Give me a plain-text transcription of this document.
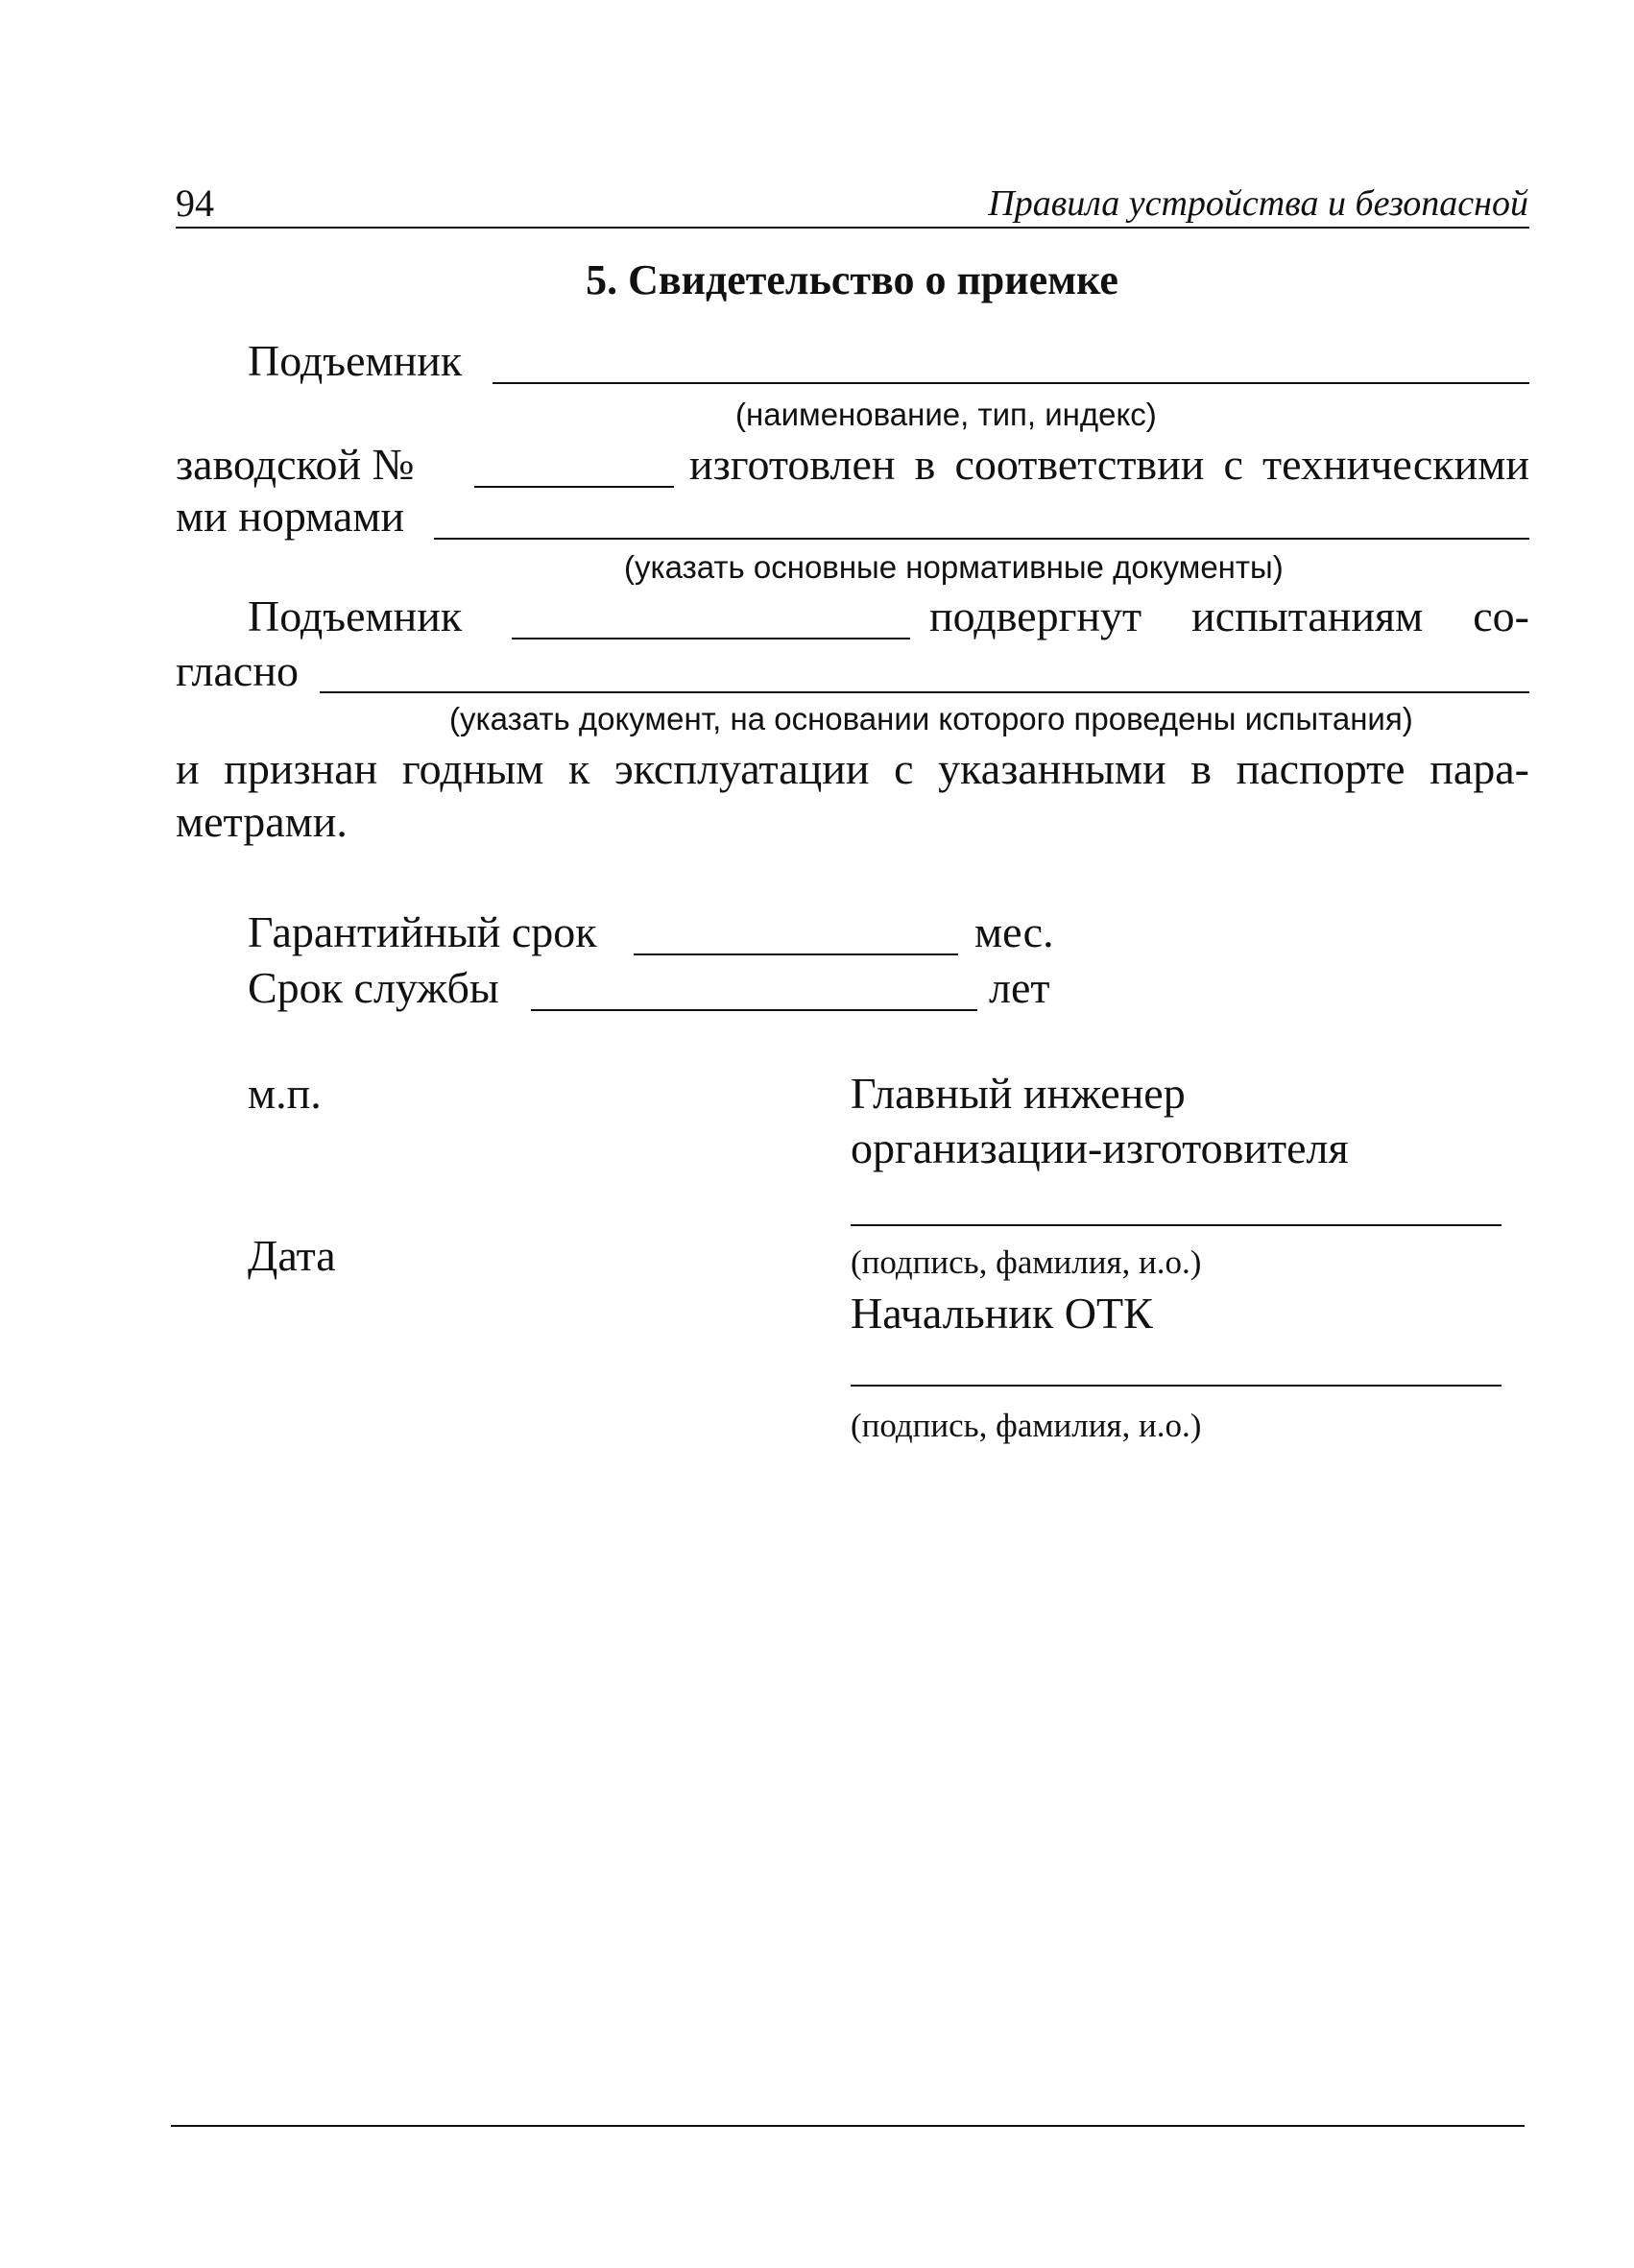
94	Правила устройства и безопасной
5. Свидетельство о приемке
Подъемник
(наименование, тип, индекс)
заводской №	изготовлен в соответствии с техническими
ми нормами
(указать основные нормативные документы)
Подъемник	подвергнут испытаниям со-
гласно
(указать документ, на основании которого проведены испытания)
и признан годным к эксплуатации с указанными в паспорте пара-
метрами.
Гарантийный срок	мес.
Срок службы	лет
м.п.	Главный инженер
организации-изготовителя
Дата	(подпись, фамилия, и.о.)
Начальник ОТК
(подпись, фамилия, и.о.)
